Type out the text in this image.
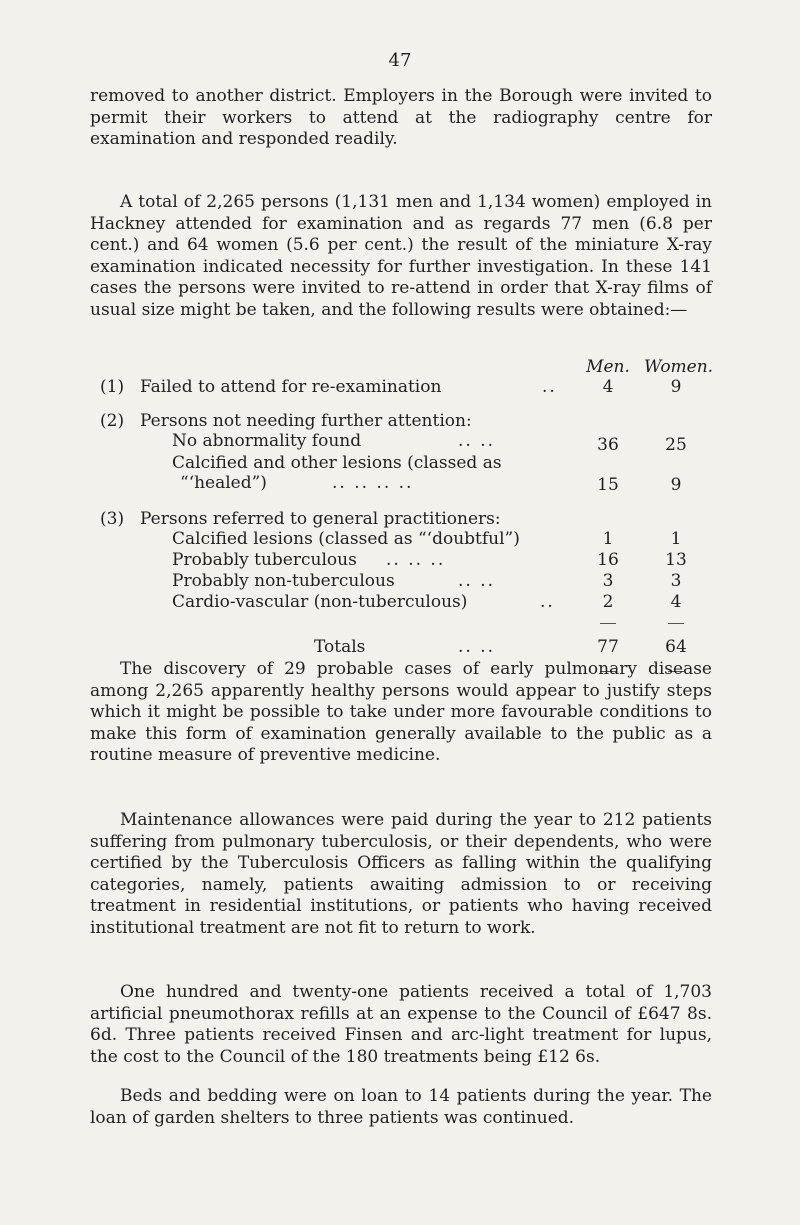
47

removed to another district. Employers in the Borough were invited to permit their workers to attend at the radiography centre for examination and responded readily.

A total of 2,265 persons (1,131 men and 1,134 women) employed in Hackney attended for examination and as regards 77 men (6.8 per cent.) and 64 women (5.6 per cent.) the result of the miniature X-ray examination indicated necessity for further investigation. In these 141 cases the persons were invited to re-attend in order that X-ray films of usual size might be taken, and the following results were obtained:—

Men. Women.
(1) Failed to attend for re-examination	..	4	9
(2) Persons not needing further attention:
No abnormality found	.. ..	36	25
Calcified and other lesions (classed as
“‘healed”)	.. .. .. ..	15	9
(3) Persons referred to general practitioners:
Calcified lesions (classed as “‘doubtful”)	1	1
Probably tuberculous .. .. ..	16	13
Probably non-tuberculous	.. ..	3	3
Cardio-vascular (non-tuberculous)	..	2	4
Totals	.. ..	77	64

The discovery of 29 probable cases of early pulmonary disease among 2,265 apparently healthy persons would appear to justify steps which it might be possible to take under more favourable conditions to make this form of examination generally available to the public as a routine measure of preventive medicine.

Maintenance allowances were paid during the year to 212 patients suffering from pulmonary tuberculosis, or their dependents, who were certified by the Tuberculosis Officers as falling within the qualifying categories, namely, patients awaiting admission to or receiving treatment in residential institutions, or patients who having received institutional treatment are not fit to return to work.

One hundred and twenty-one patients received a total of 1,703 artificial pneumothorax refills at an expense to the Council of £647 8s. 6d. Three patients received Finsen and arc-light treatment for lupus, the cost to the Council of the 180 treatments being £12 6s.

Beds and bedding were on loan to 14 patients during the year. The loan of garden shelters to three patients was continued.
